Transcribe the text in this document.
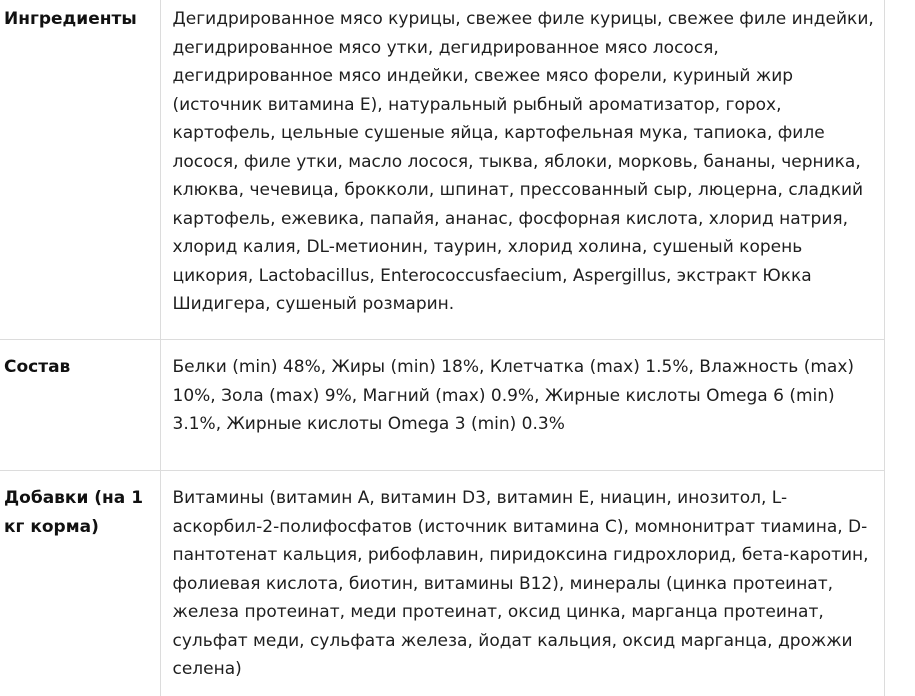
Ингредиенты	Дегидрированное мясо курицы, свежее филе курицы, свежее филе индейки, дегидрированное мясо утки, дегидрированное мясо лосося, дегидрированное мясо индейки, свежее мясо форели, куриный жир (источник витамина Е), натуральный рыбный ароматизатор, горох, картофель, цельные сушеные яйца, картофельная мука, тапиока, филе лосося, филе утки, масло лосося, тыква, яблоки, морковь, бананы, черника, клюква, чечевица, брокколи, шпинат, прессованный сыр, люцерна, сладкий картофель, ежевика, папайя, ананас, фосфорная кислота, хлорид натрия, хлорид калия, DL-метионин, таурин, хлорид холина, сушеный корень цикория, Lactobacillus, Enterococcusfaecium, Aspergillus, экстракт Юкка Шидигера, сушеный розмарин.

Состав	Белки (min) 48%, Жиры (min) 18%, Клетчатка (max) 1.5%, Влажность (max) 10%, Зола (max) 9%, Магний (max) 0.9%, Жирные кислоты Omega 6 (min) 3.1%, Жирные кислоты Omega 3 (min) 0.3%

Добавки (на 1 кг корма)	Витамины (витамин А, витамин D3, витамин Е, ниацин, инозитол, L-аскорбил-2-полифосфатов (источник витамина С), момнонитрат тиамина, D-пантотенат кальция, рибофлавин, пиридоксина гидрохлорид, бета-каротин, фолиевая кислота, биотин, витамины В12), минералы (цинка протеинат, железа протеинат, меди протеинат, оксид цинка, марганца протеинат, сульфат меди, сульфата железа, йодат кальция, оксид марганца, дрожжи селена)
